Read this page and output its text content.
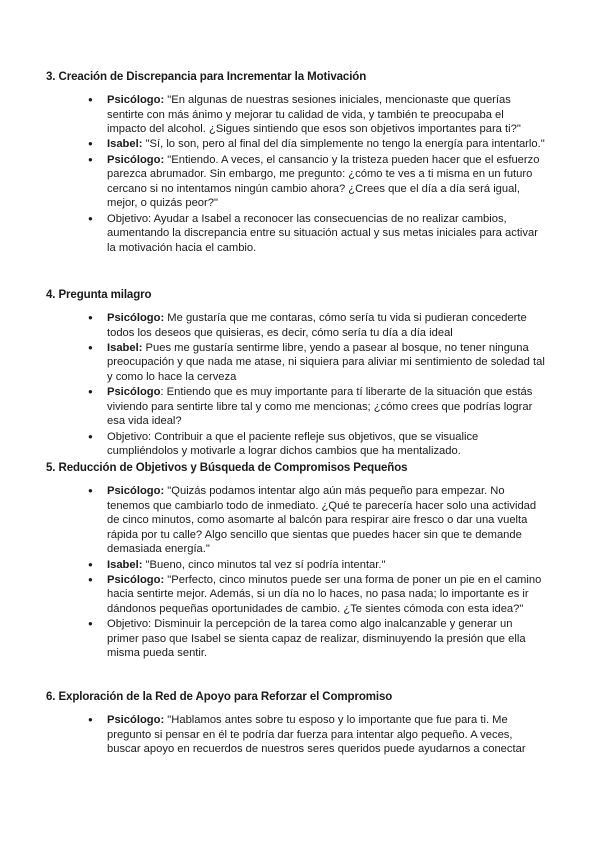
3. Creación de Discrepancia para Incrementar la Motivación
● Psicólogo: "En algunas de nuestras sesiones iniciales, mencionaste que querías sentirte con más ánimo y mejorar tu calidad de vida, y también te preocupaba el impacto del alcohol. ¿Sigues sintiendo que esos son objetivos importantes para ti?"
● Isabel: "Sí, lo son, pero al final del día simplemente no tengo la energía para intentarlo."
● Psicólogo: "Entiendo. A veces, el cansancio y la tristeza pueden hacer que el esfuerzo parezca abrumador. Sin embargo, me pregunto: ¿cómo te ves a ti misma en un futuro cercano si no intentamos ningún cambio ahora? ¿Crees que el día a día será igual, mejor, o quizás peor?"
● Objetivo: Ayudar a Isabel a reconocer las consecuencias de no realizar cambios, aumentando la discrepancia entre su situación actual y sus metas iniciales para activar la motivación hacia el cambio.
4. Pregunta milagro
● Psicólogo: Me gustaría que me contaras, cómo sería tu vida si pudieran concederte todos los deseos que quisieras, es decir, cómo sería tu día a día ideal
● Isabel: Pues me gustaría sentirme libre, yendo a pasear al bosque, no tener ninguna preocupación y que nada me atase, ni siquiera para aliviar mi sentimiento de soledad tal y como lo hace la cerveza
● Psicólogo: Entiendo que es muy importante para tí liberarte de la situación que estás viviendo para sentirte libre tal y como me mencionas; ¿cómo crees que podrías lograr esa vida ideal?
● Objetivo: Contribuir a que el paciente refleje sus objetivos, que se visualice cumpliéndolos y motivarle a lograr dichos cambios que ha mentalizado.
5. Reducción de Objetivos y Búsqueda de Compromisos Pequeños
● Psicólogo: "Quizás podamos intentar algo aún más pequeño para empezar. No tenemos que cambiarlo todo de inmediato. ¿Qué te parecería hacer solo una actividad de cinco minutos, como asomarte al balcón para respirar aire fresco o dar una vuelta rápida por tu calle? Algo sencillo que sientas que puedes hacer sin que te demande demasiada energía."
● Isabel: "Bueno, cinco minutos tal vez sí podría intentar."
● Psicólogo: "Perfecto, cinco minutos puede ser una forma de poner un pie en el camino hacia sentirte mejor. Además, si un día no lo haces, no pasa nada; lo importante es ir dándonos pequeñas oportunidades de cambio. ¿Te sientes cómoda con esta idea?"
● Objetivo: Disminuir la percepción de la tarea como algo inalcanzable y generar un primer paso que Isabel se sienta capaz de realizar, disminuyendo la presión que ella misma pueda sentir.
6. Exploración de la Red de Apoyo para Reforzar el Compromiso
● Psicólogo: "Hablamos antes sobre tu esposo y lo importante que fue para ti. Me pregunto si pensar en él te podría dar fuerza para intentar algo pequeño. A veces, buscar apoyo en recuerdos de nuestros seres queridos puede ayudarnos a conectar
